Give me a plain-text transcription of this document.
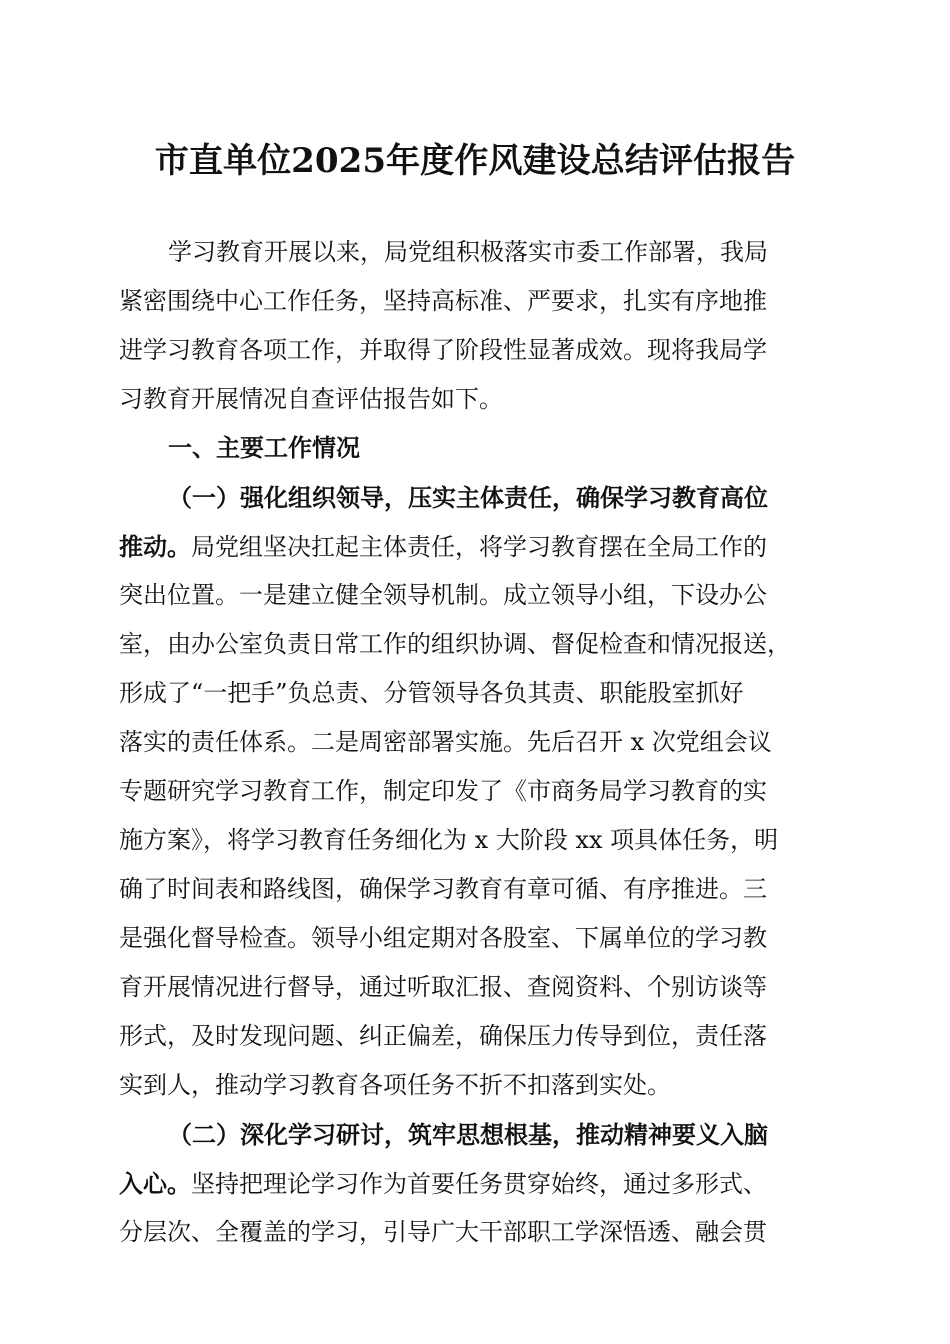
市直单位2025年度作风建设总结评估报告
学习教育开展以来，局党组积极落实市委工作部署，我局
紧密围绕中心工作任务，坚持高标准、严要求，扎实有序地推
进学习教育各项工作，并取得了阶段性显著成效。现将我局学
习教育开展情况自查评估报告如下。
一、主要工作情况
（一）强化组织领导，压实主体责任，确保学习教育高位
推动。局党组坚决扛起主体责任，将学习教育摆在全局工作的
突出位置。一是建立健全领导机制。成立领导小组，下设办公
室，由办公室负责日常工作的组织协调、督促检查和情况报送，
形成了“一把手”负总责、分管领导各负其责、职能股室抓好
落实的责任体系。二是周密部署实施。先后召开 x 次党组会议
专题研究学习教育工作，制定印发了《市商务局学习教育的实
施方案》，将学习教育任务细化为 x 大阶段 xx 项具体任务，明
确了时间表和路线图，确保学习教育有章可循、有序推进。三
是强化督导检查。领导小组定期对各股室、下属单位的学习教
育开展情况进行督导，通过听取汇报、查阅资料、个别访谈等
形式，及时发现问题、纠正偏差，确保压力传导到位，责任落
实到人，推动学习教育各项任务不折不扣落到实处。
（二）深化学习研讨，筑牢思想根基，推动精神要义入脑
入心。坚持把理论学习作为首要任务贯穿始终，通过多形式、
分层次、全覆盖的学习，引导广大干部职工学深悟透、融会贯
